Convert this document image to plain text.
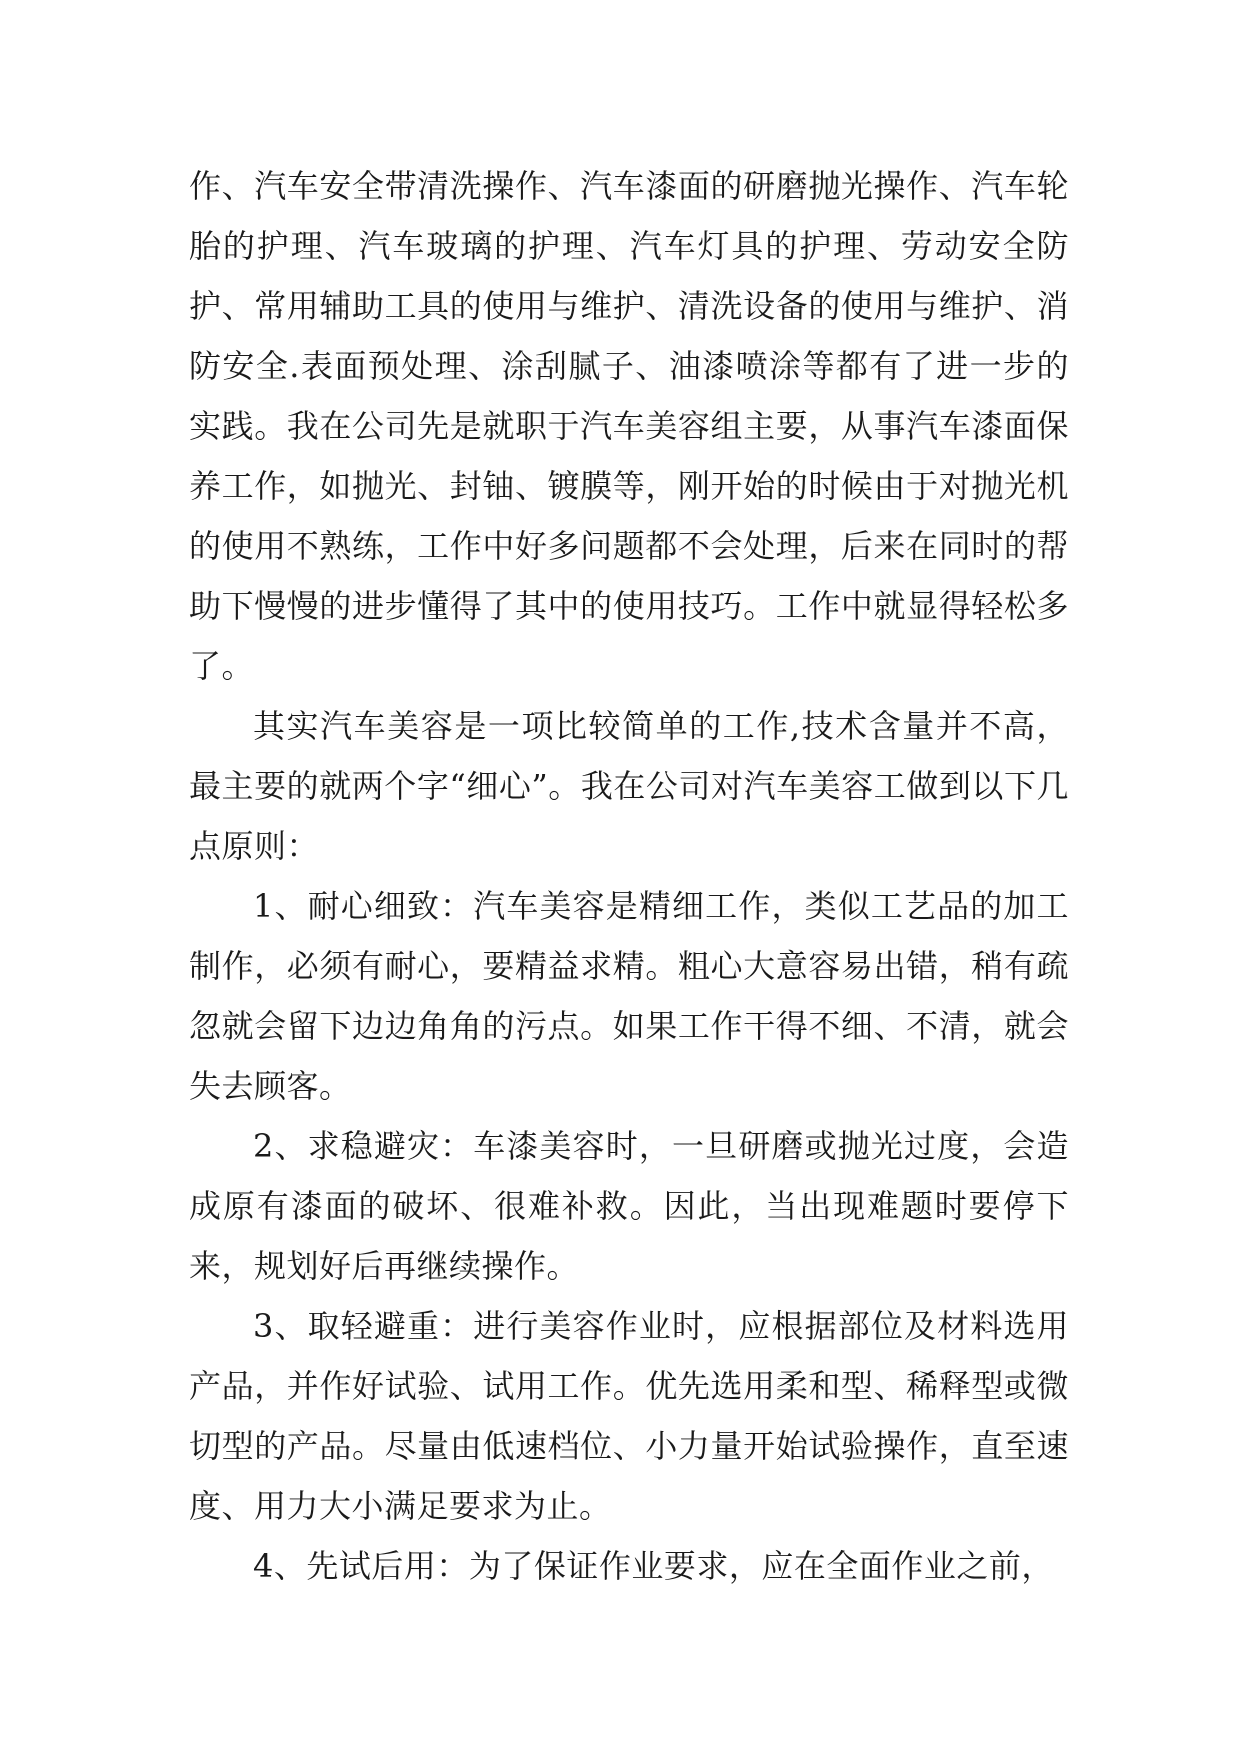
作、汽车安全带清洗操作、汽车漆面的研磨抛光操作、汽车轮胎的护理、汽车玻璃的护理、汽车灯具的护理、劳动安全防护、常用辅助工具的使用与维护、清洗设备的使用与维护、消防安全.表面预处理、涂刮腻子、油漆喷涂等都有了进一步的实践。我在公司先是就职于汽车美容组主要，从事汽车漆面保养工作，如抛光、封铀、镀膜等，刚开始的时候由于对抛光机的使用不熟练，工作中好多问题都不会处理，后来在同时的帮助下慢慢的进步懂得了其中的使用技巧。工作中就显得轻松多了。

其实汽车美容是一项比较简单的工作,技术含量并不高，最主要的就两个字“细心”。我在公司对汽车美容工做到以下几点原则：

1、耐心细致：汽车美容是精细工作，类似工艺品的加工制作，必须有耐心，要精益求精。粗心大意容易出错，稍有疏忽就会留下边边角角的污点。如果工作干得不细、不清，就会失去顾客。

2、求稳避灾：车漆美容时，一旦研磨或抛光过度，会造成原有漆面的破坏、很难补救。因此，当出现难题时要停下来，规划好后再继续操作。

3、取轻避重：进行美容作业时，应根据部位及材料选用产品，并作好试验、试用工作。优先选用柔和型、稀释型或微切型的产品。尽量由低速档位、小力量开始试验操作，直至速度、用力大小满足要求为止。

4、先试后用：为了保证作业要求，应在全面作业之前，
